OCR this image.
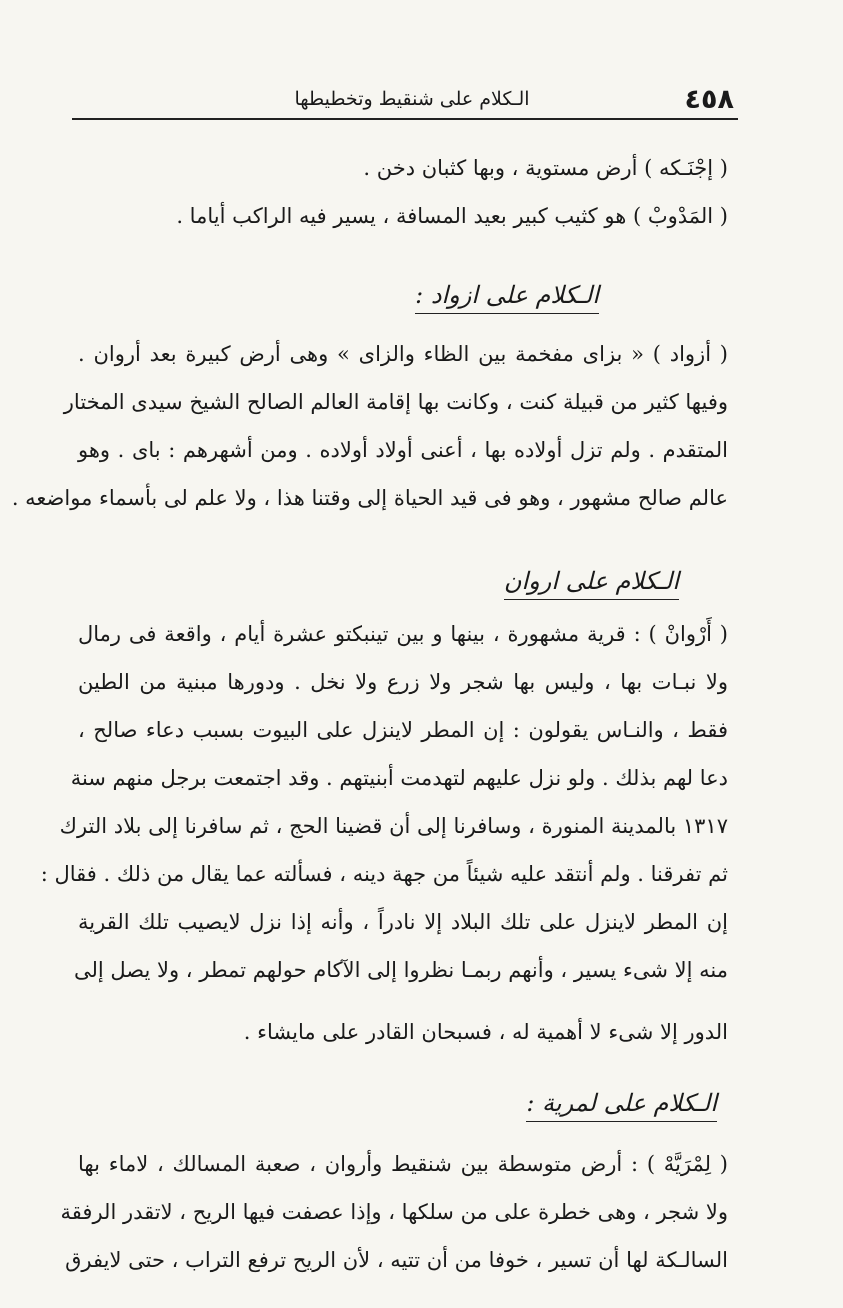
٤٥٨
الـكلام على شنقيط وتخطيطها
( إجْنَـكه ) أرض مستوية ، وبها كثبان دخن .
( المَدْوبْ ) هو كثيب كبير بعيد المسافة ، يسير فيه الراكب أياما .
الـكلام على ازواد :
( أزواد ) « بزاى مفخمة بين الظاء والزاى » وهى أرض كبيرة بعد أروان .
وفيها كثير من قبيلة كنت ، وكانت بها إقامة العالم الصالح الشيخ سيدى المختار
المتقدم . ولم تزل أولاده بها ، أعنى أولاد أولاده . ومن أشهرهم : باى . وهو
عالم صالح مشهور ، وهو فى قيد الحياة إلى وقتنا هذا ، ولا علم لى بأسماء مواضعه .
الـكلام على اروان
( أَرْوانْ ) : قرية مشهورة ، بينها و بين تينبكتو عشرة أيام ، واقعة فى رمال
ولا نبـات بها ، وليس بها شجر ولا زرع ولا نخل . ودورها مبنية من الطين
فقط ، والنـاس يقولون : إن المطر لاينزل على البيوت بسبب دعاء صالح ،
دعا لهم بذلك . ولو نزل عليهم لتهدمت أبنيتهم . وقد اجتمعت برجل منهم سنة
١٣١٧ بالمدينة المنورة ، وسافرنا إلى أن قضينا الحج ، ثم سافرنا إلى بلاد الترك
ثم تفرقنا . ولم أنتقد عليه شيئاً من جهة دينه ، فسألته عما يقال من ذلك . فقال :
إن المطر لاينزل على تلك البلاد إلا نادراً ، وأنه إذا نزل لايصيب تلك القرية
منه إلا شىء يسير ، وأنهم ربمـا نظروا إلى الآكام حولهم تمطر ، ولا يصل إلى
الدور إلا شىء لا أهمية له ، فسبحان القادر على مايشاء .
الـكلام على لمرية :
( لِمْرَيَّهْ ) : أرض متوسطة بين شنقيط وأروان ، صعبة المسالك ، لاماء بها
ولا شجر ، وهى خطرة على من سلكها ، وإذا عصفت فيها الريح ، لاتقدر الرفقة
السالـكة لها أن تسير ، خوفا من أن تتيه ، لأن الريح ترفع التراب ، حتى لايفرق
